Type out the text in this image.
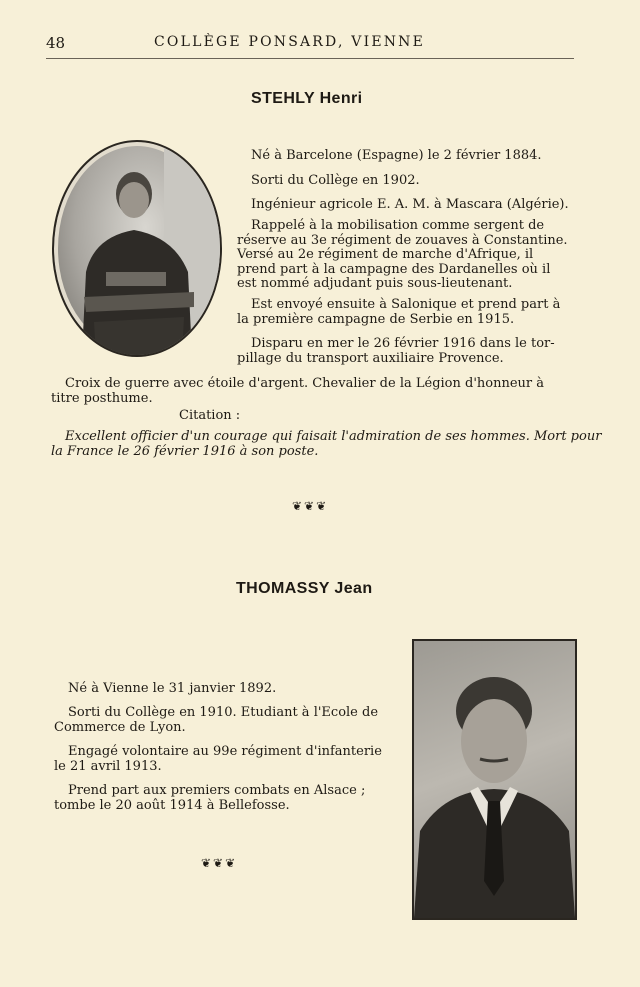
48	COLLÈGE PONSARD, VIENNE
STEHLY Henri

Né à Barcelone (Espagne) le 2 février 1884.

Sorti du Collège en 1902.

Ingénieur agricole E. A. M. à Mascara (Algérie).

Rappelé à la mobilisation comme sergent de
réserve au 3e régiment de zouaves à Constantine.
Versé au 2e régiment de marche d'Afrique, il
prend part à la campagne des Dardanelles où il
est nommé adjudant puis sous-lieutenant.

Est envoyé ensuite à Salonique et prend part à
la première campagne de Serbie en 1915.

Disparu en mer le 26 février 1916 dans le tor-
pillage du transport auxiliaire Provence.

Croix de guerre avec étoile d'argent. Chevalier de la Légion d'honneur à
titre posthume.

Citation :

Excellent officier d'un courage qui faisait l'admiration de ses hommes. Mort pour
la France le 26 février 1916 à son poste.

❦❦❦
THOMASSY Jean

Né à Vienne le 31 janvier 1892.

Sorti du Collège en 1910. Etudiant à l'Ecole de
Commerce de Lyon.

Engagé volontaire au 99e régiment d'infanterie
le 21 avril 1913.

Prend part aux premiers combats en Alsace ;
tombe le 20 août 1914 à Bellefosse.

❦❦❦
